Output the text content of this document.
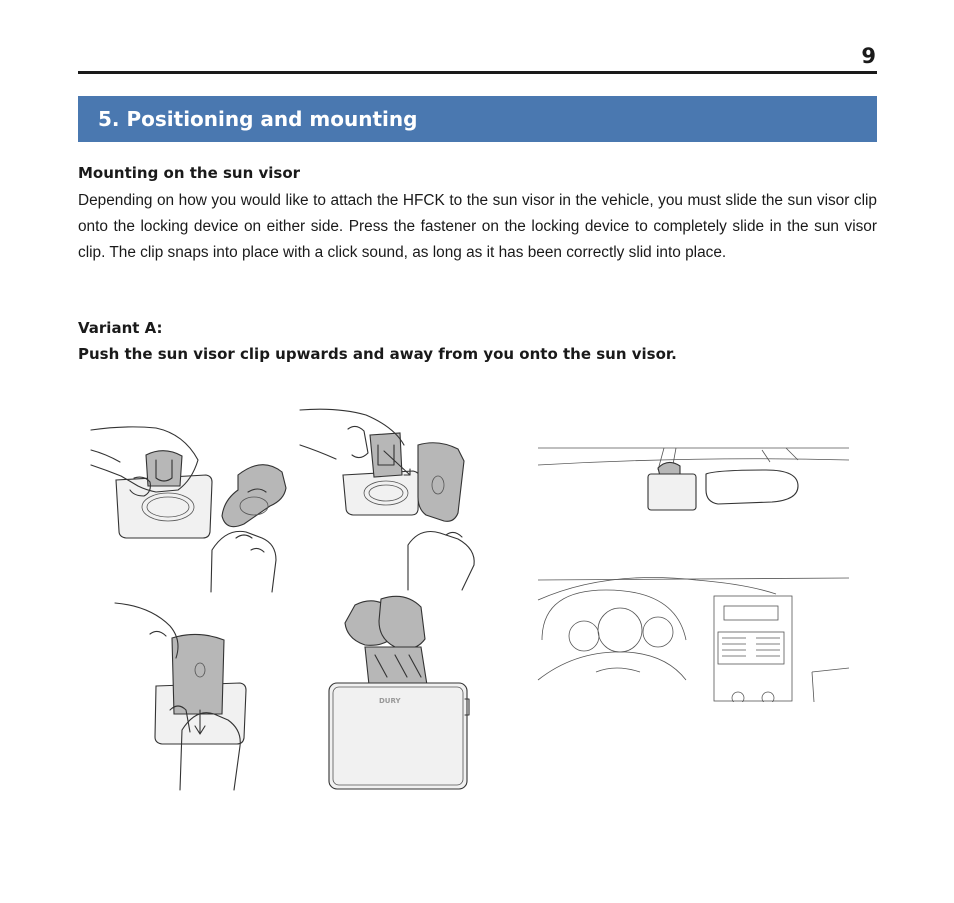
9
5. Positioning and mounting
Mounting on the sun visor

Depending on how you would like to attach the HFCK to the sun visor in the vehicle, you must slide the sun visor clip onto the locking device on either side. Press the fastener on the locking device to completely slide in the sun visor clip. The clip snaps into place with a click sound, as long as it has been correctly slid into place.

Variant A:
Push the sun visor clip upwards and away from you onto the sun visor.
DURY
